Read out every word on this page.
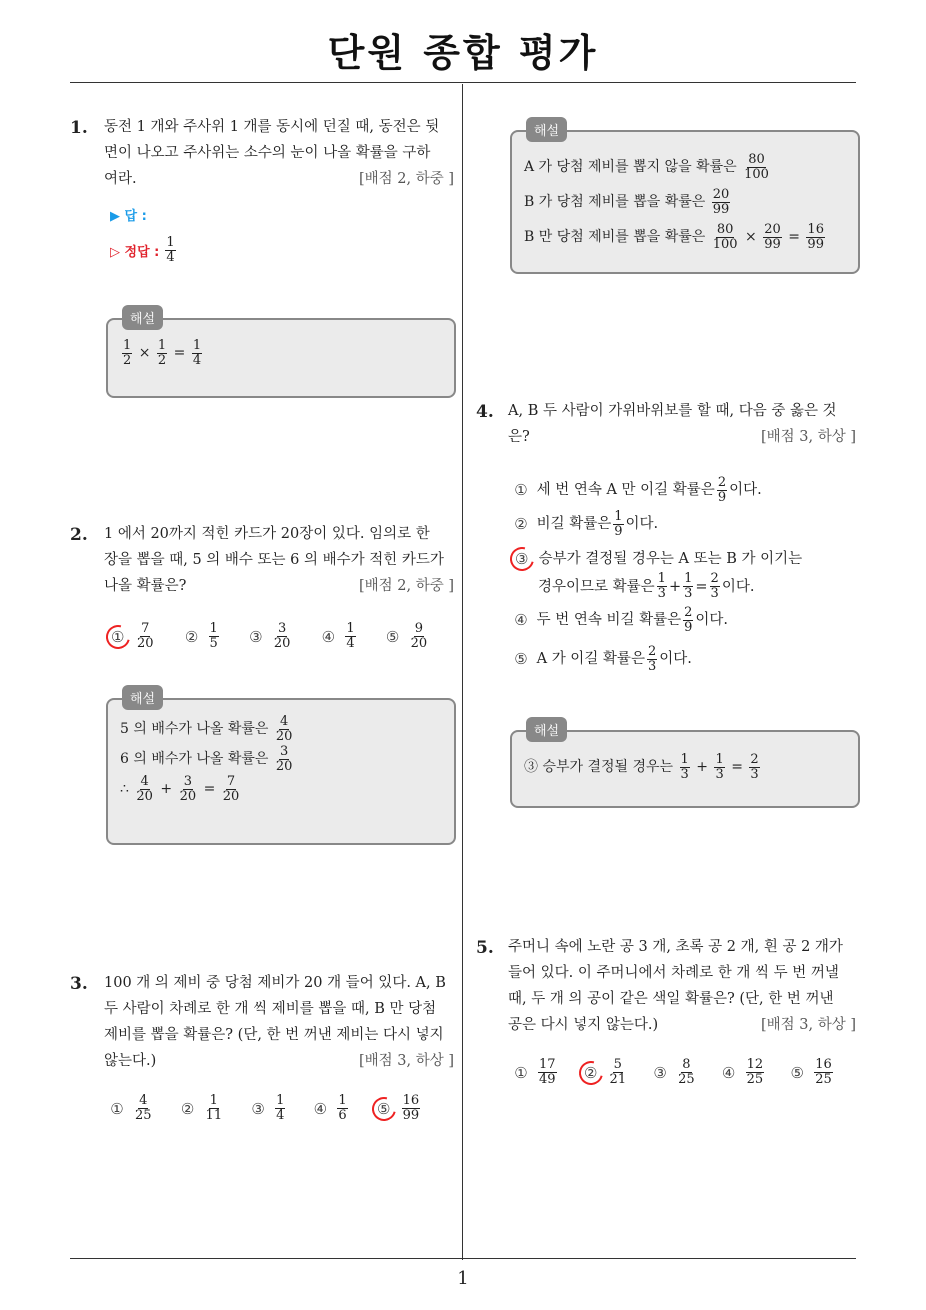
단원 종합 평가
1
1. 동전 1 개와 주사위 1 개를 동시에 던질 때, 동전은 뒷
면이 나오고 주사위는 소수의 눈이 나올 확률을 구하
여라.	[배점 2, 하중 ]
▶ 답 :
▷ 정답 : $\frac{1}{4}$
해설
$\frac{1}{2} \times \frac{1}{2} = \frac{1}{4}$
2. 1 에서 20까지 적힌 카드가 20장이 있다. 임의로 한
장을 뽑을 때, 5 의 배수 또는 6 의 배수가 적힌 카드가
나올 확률은?	[배점 2, 하중 ]
① $\frac{7}{20}$ ② $\frac{1}{5}$ ③ $\frac{3}{20}$ ④ $\frac{1}{4}$ ⑤ $\frac{9}{20}$
해설
5 의 배수가 나올 확률은 $\frac{4}{20}$
6 의 배수가 나올 확률은 $\frac{3}{20}$
∴ $\frac{4}{20} + \frac{3}{20} = \frac{7}{20}$
3. 100 개 의 제비 중 당첨 제비가 20 개 들어 있다. A, B
두 사람이 차례로 한 개 씩 제비를 뽑을 때, B 만 당첨
제비를 뽑을 확률은? (단, 한 번 꺼낸 제비는 다시 넣지
않는다.)	[배점 3, 하상 ]
① $\frac{4}{25}$ ② $\frac{1}{11}$ ③ $\frac{1}{4}$ ④ $\frac{1}{6}$	⑤ $\frac{16}{99}$
해설
A 가 당첨 제비를 뽑지 않을 확률은 $\frac{80}{100}$
B 가 당첨 제비를 뽑을 확률은 $\frac{20}{99}$
B 만 당첨 제비를 뽑을 확률은 $\frac{80}{100} \times \frac{20}{99} = \frac{16}{99}$
4. A, B 두 사람이 가위바위보를 할 때, 다음 중 옳은 것
은?	[배점 3, 하상 ]
①
세 번 연속 A 만 이길 확률은 $\frac{2}{9}$ 이다.
②
비길 확률은 $\frac{1}{9}$ 이다.
③
승부가 결정될 경우는 A 또는 B 가 이기는
경우이므로 확률은 $\frac{1}{3} + \frac{1}{3} = \frac{2}{3}$ 이다.
④
두 번 연속 비길 확률은 $\frac{2}{9}$ 이다.
⑤
A 가 이길 확률은 $\frac{2}{3}$ 이다.
해설
③ 승부가 결정될 경우는 $\frac{1}{3} + \frac{1}{3} = \frac{2}{3}$
5. 주머니 속에 노란 공 3 개, 초록 공 2 개, 흰 공 2 개가
들어 있다. 이 주머니에서 차례로 한 개 씩 두 번 꺼낼
때, 두 개 의 공이 같은 색일 확률은? (단, 한 번 꺼낸
공은 다시 넣지 않는다.)	[배점 3, 하상 ]
① $\frac{17}{49}$	② $\frac{5}{21}$ ③ $\frac{8}{25}$ ④ $\frac{12}{25}$ ⑤ $\frac{16}{25}$
